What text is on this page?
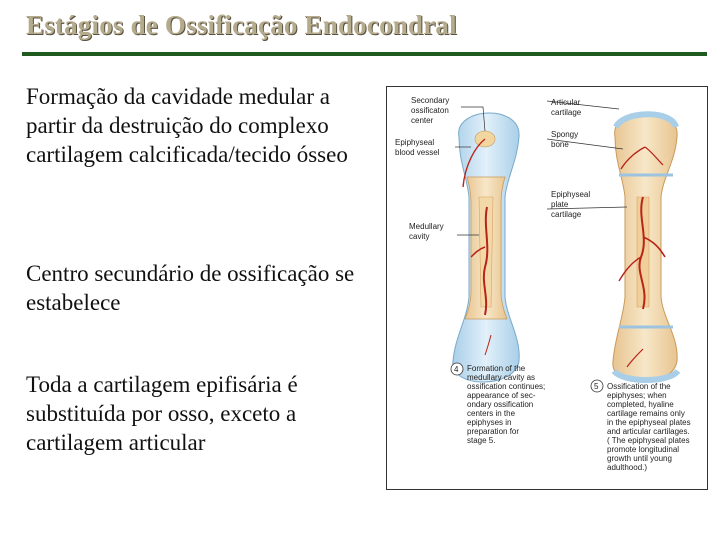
Estágios de Ossificação Endocondral
Formação da cavidade medular a partir da destruição do complexo cartilagem calcificada/tecido ósseo
Centro secundário de ossificação se estabelece
Toda a cartilagem epifisária é substituída por osso, exceto a cartilagem articular
Secondary
ossificaton
center
Epiphyseal
blood vessel
Medullary
cavity
Articular
cartilage
Spongy
bone
Epiphyseal
plate
cartilage
4 Formation of the
medullary cavity as
ossification continues;
appearance of sec-
ondary ossification
centers in the
epiphyses in
preparation for
stage 5.
5 Ossification of the
epiphyses; when
completed, hyaline
cartilage remains only
in the epiphyseal plates
and articular cartilages.
( The epiphyseal plates
promote longitudinal
growth until young
adulthood.)
